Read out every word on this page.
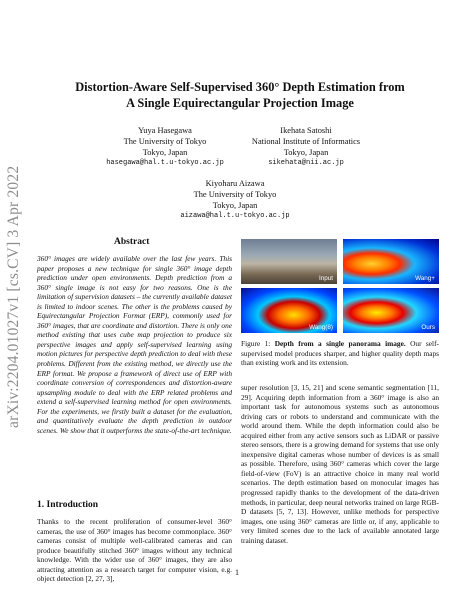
arXiv:2204.01027v1 [cs.CV] 3 Apr 2022
Distortion-Aware Self-Supervised 360° Depth Estimation from
A Single Equirectangular Projection Image
Yuya Hasegawa
The University of Tokyo
Tokyo, Japan
hasegawa@hal.t.u-tokyo.ac.jp
Ikehata Satoshi
National Institute of Informatics
Tokyo, Japan
sikehata@nii.ac.jp
Kiyoharu Aizawa
The University of Tokyo
Tokyo, Japan
aizawa@hal.t.u-tokyo.ac.jp
Abstract
360° images are widely available over the last few years. This paper proposes a new technique for single 360° image depth prediction under open environments. Depth prediction from a 360° single image is not easy for two reasons. One is the limitation of supervision datasets – the currently available dataset is limited to indoor scenes. The other is the problems caused by Equirectangular Projection Format (ERP), commonly used for 360° images, that are coordinate and distortion. There is only one method existing that uses cube map projection to produce six perspective images and apply self-supervised learning using motion pictures for perspective depth prediction to deal with these problems. Different from the existing method, we directly use the ERP format. We propose a framework of direct use of ERP with coordinate conversion of correspondences and distortion-aware upsampling module to deal with the ERP related problems and extend a self-supervised learning method for open environments. For the experiments, we firstly built a dataset for the evaluation, and quantitatively evaluate the depth prediction in outdoor scenes. We show that it outperforms the state-of-the-art technique.
1. Introduction
Thanks to the recent proliferation of consumer-level 360° cameras, the use of 360° images has become commonplace. 360° cameras consist of multiple well-calibrated cameras and can produce beautifully stitched 360° images without any technical knowledge. With the wider use of 360° images, they are also attracting attention as a research target for computer vision, e.g. object detection [2, 27, 3],
Input	Wang+
Wang(8)	Ours
Figure 1: Depth from a single panorama image. Our self-supervised model produces sharper, and higher quality depth maps than existing work and its extension.
super resolution [3, 15, 21] and scene semantic segmentation [11, 29]. Acquiring depth information from a 360° image is also an important task for autonomous systems such as autonomous driving cars or robots to understand and communicate with the world around them. While the depth information could also be acquired either from any active sensors such as LiDAR or passive stereo sensors, there is a growing demand for systems that use only inexpensive digital cameras whose number of devices is as small as possible. Therefore, using 360° cameras which cover the large field-of-view (FoV) is an attractive choice in many real world scenarios. The depth estimation based on monocular images has progressed rapidly thanks to the development of the data-driven methods, in particular, deep neural networks trained on large RGB-D datasets [5, 7, 13]. However, unlike methods for perspective images, one using 360° cameras are little or, if any, applicable to very limited scenes due to the lack of available annotated large training dataset.
1
